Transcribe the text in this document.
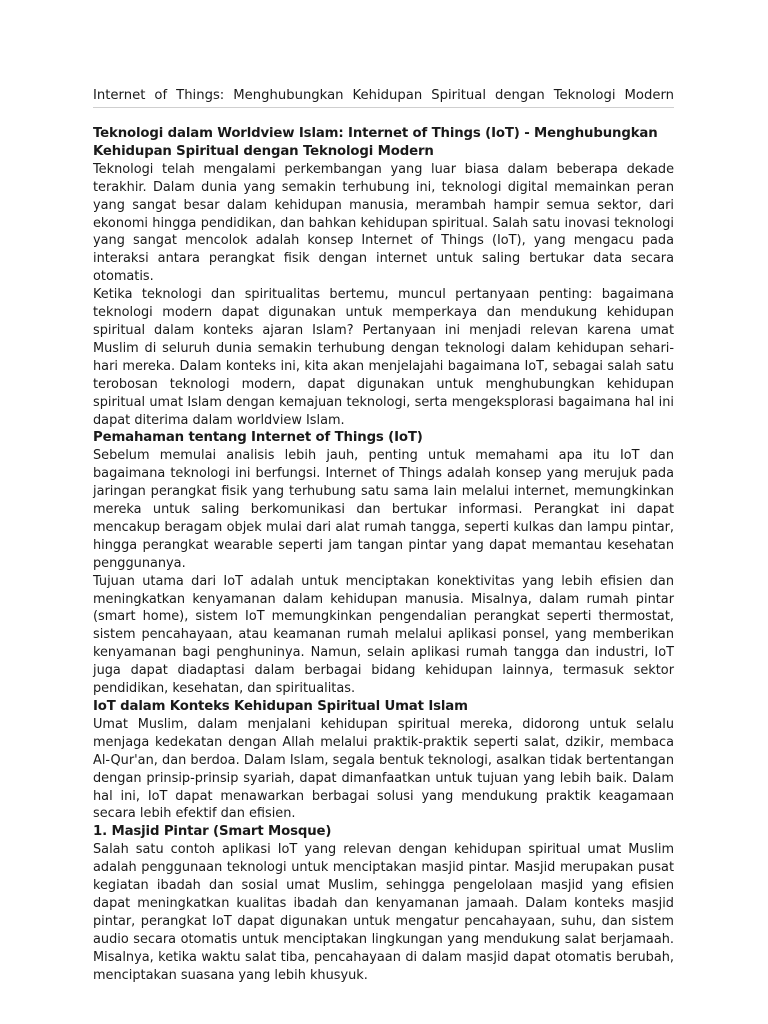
Internet of Things: Menghubungkan Kehidupan Spiritual dengan Teknologi Modern
Teknologi dalam Worldview Islam: Internet of Things (IoT) - Menghubungkan Kehidupan Spiritual dengan Teknologi Modern

Teknologi telah mengalami perkembangan yang luar biasa dalam beberapa dekade terakhir. Dalam dunia yang semakin terhubung ini, teknologi digital memainkan peran yang sangat besar dalam kehidupan manusia, merambah hampir semua sektor, dari ekonomi hingga pendidikan, dan bahkan kehidupan spiritual. Salah satu inovasi teknologi yang sangat mencolok adalah konsep Internet of Things (IoT), yang mengacu pada interaksi antara perangkat fisik dengan internet untuk saling bertukar data secara otomatis.

Ketika teknologi dan spiritualitas bertemu, muncul pertanyaan penting: bagaimana teknologi modern dapat digunakan untuk memperkaya dan mendukung kehidupan spiritual dalam konteks ajaran Islam? Pertanyaan ini menjadi relevan karena umat Muslim di seluruh dunia semakin terhubung dengan teknologi dalam kehidupan sehari-hari mereka. Dalam konteks ini, kita akan menjelajahi bagaimana IoT, sebagai salah satu terobosan teknologi modern, dapat digunakan untuk menghubungkan kehidupan spiritual umat Islam dengan kemajuan teknologi, serta mengeksplorasi bagaimana hal ini dapat diterima dalam worldview Islam.

Pemahaman tentang Internet of Things (IoT)

Sebelum memulai analisis lebih jauh, penting untuk memahami apa itu IoT dan bagaimana teknologi ini berfungsi. Internet of Things adalah konsep yang merujuk pada jaringan perangkat fisik yang terhubung satu sama lain melalui internet, memungkinkan mereka untuk saling berkomunikasi dan bertukar informasi. Perangkat ini dapat mencakup beragam objek mulai dari alat rumah tangga, seperti kulkas dan lampu pintar, hingga perangkat wearable seperti jam tangan pintar yang dapat memantau kesehatan penggunanya.

Tujuan utama dari IoT adalah untuk menciptakan konektivitas yang lebih efisien dan meningkatkan kenyamanan dalam kehidupan manusia. Misalnya, dalam rumah pintar (smart home), sistem IoT memungkinkan pengendalian perangkat seperti thermostat, sistem pencahayaan, atau keamanan rumah melalui aplikasi ponsel, yang memberikan kenyamanan bagi penghuninya. Namun, selain aplikasi rumah tangga dan industri, IoT juga dapat diadaptasi dalam berbagai bidang kehidupan lainnya, termasuk sektor pendidikan, kesehatan, dan spiritualitas.

IoT dalam Konteks Kehidupan Spiritual Umat Islam

Umat Muslim, dalam menjalani kehidupan spiritual mereka, didorong untuk selalu menjaga kedekatan dengan Allah melalui praktik-praktik seperti salat, dzikir, membaca Al-Qur'an, dan berdoa. Dalam Islam, segala bentuk teknologi, asalkan tidak bertentangan dengan prinsip-prinsip syariah, dapat dimanfaatkan untuk tujuan yang lebih baik. Dalam hal ini, IoT dapat menawarkan berbagai solusi yang mendukung praktik keagamaan secara lebih efektif dan efisien.

1. Masjid Pintar (Smart Mosque)

Salah satu contoh aplikasi IoT yang relevan dengan kehidupan spiritual umat Muslim adalah penggunaan teknologi untuk menciptakan masjid pintar. Masjid merupakan pusat kegiatan ibadah dan sosial umat Muslim, sehingga pengelolaan masjid yang efisien dapat meningkatkan kualitas ibadah dan kenyamanan jamaah. Dalam konteks masjid pintar, perangkat IoT dapat digunakan untuk mengatur pencahayaan, suhu, dan sistem audio secara otomatis untuk menciptakan lingkungan yang mendukung salat berjamaah. Misalnya, ketika waktu salat tiba, pencahayaan di dalam masjid dapat otomatis berubah, menciptakan suasana yang lebih khusyuk.
